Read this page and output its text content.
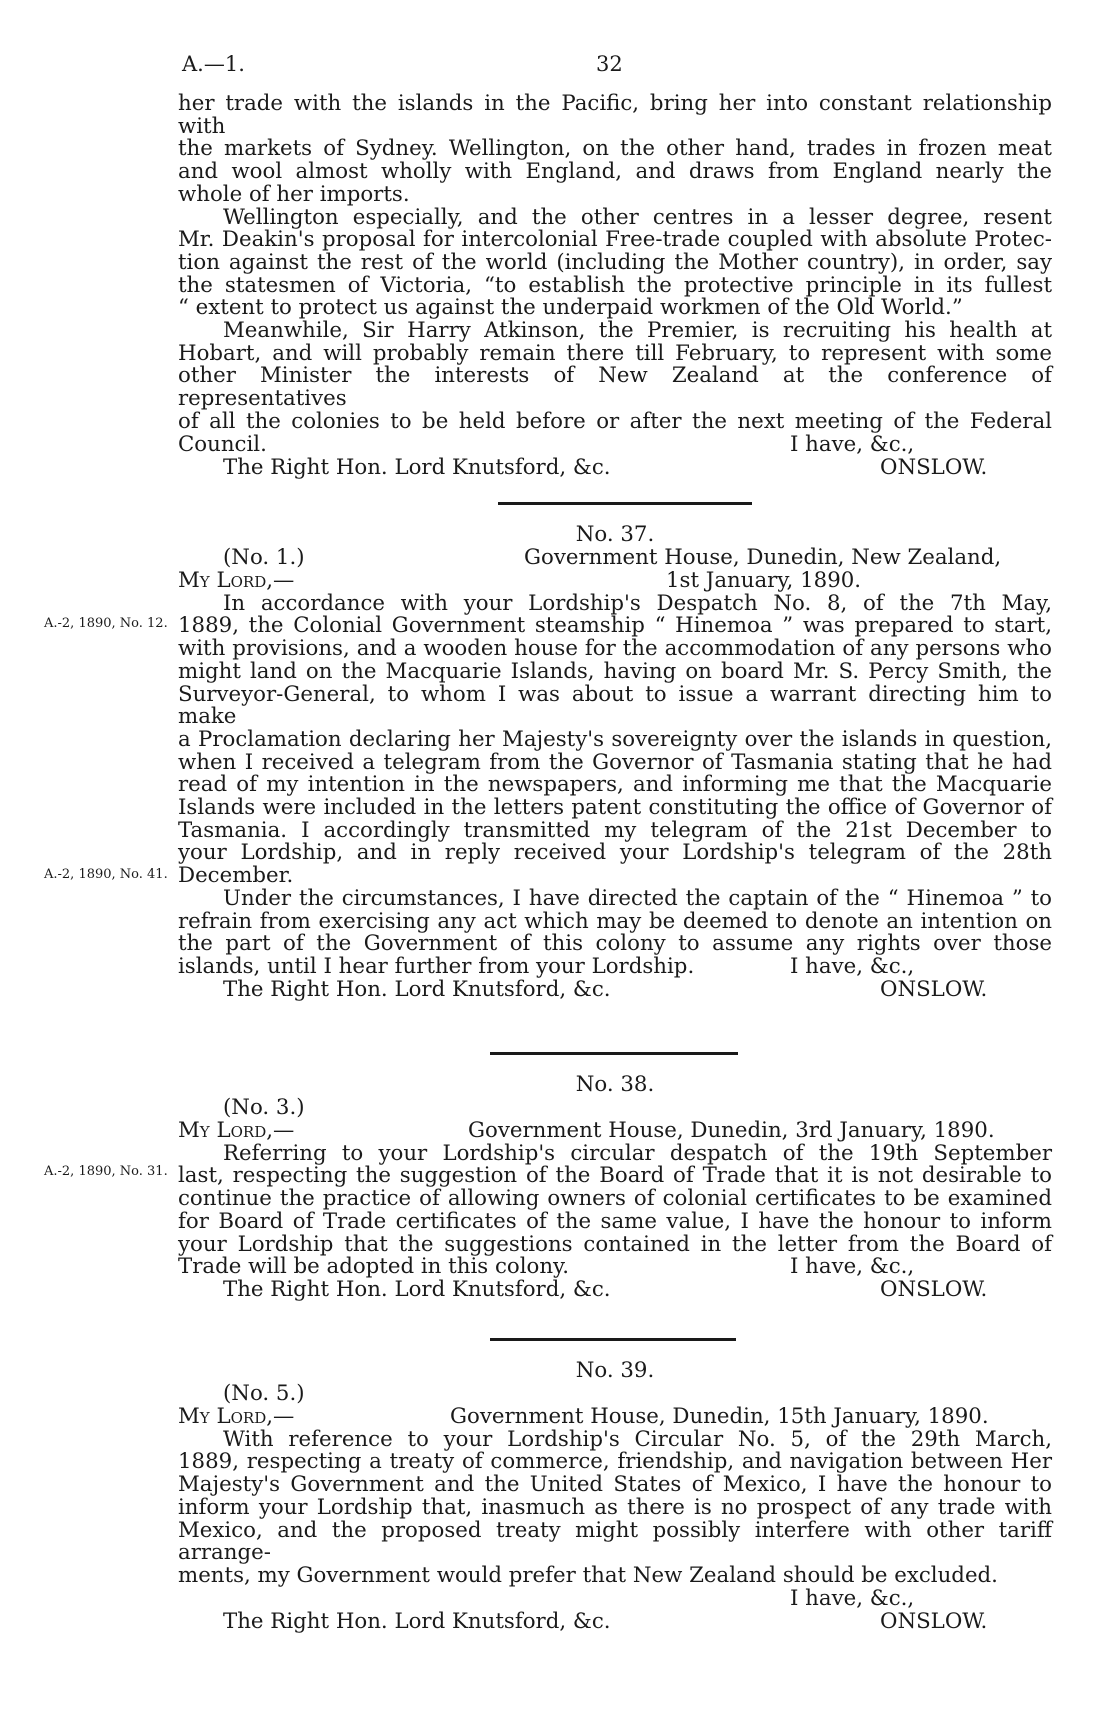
A.—1.	32

her trade with the islands in the Pacific, bring her into constant relationship with

the markets of Sydney. Wellington, on the other hand, trades in frozen meat

and wool almost wholly with England, and draws from England nearly the

whole of her imports.

Wellington especially, and the other centres in a lesser degree, resent

Mr. Deakin's proposal for intercolonial Free-trade coupled with absolute Protec-

tion against the rest of the world (including the Mother country), in order, say

the statesmen of Victoria, “to establish the protective principle in its fullest

“ extent to protect us against the underpaid workmen of the Old World.”

Meanwhile, Sir Harry Atkinson, the Premier, is recruiting his health at

Hobart, and will probably remain there till February, to represent with some

other Minister the interests of New Zealand at the conference of representatives

of all the colonies to be held before or after the next meeting of the Federal

Council.	I have, &c.,
The Right Hon. Lord Knutsford, &c.	ONSLOW.

No. 37.

(No. 1.)	Government House, Dunedin, New Zealand,
My Lord,—	1st January, 1890.

In accordance with your Lordship's Despatch No. 8, of the 7th May,

1889, the Colonial Government steamship “ Hinemoa ” was prepared to start,

with provisions, and a wooden house for the accommodation of any persons who

might land on the Macquarie Islands, having on board Mr. S. Percy Smith, the

Surveyor-General, to whom I was about to issue a warrant directing him to make

a Proclamation declaring her Majesty's sovereignty over the islands in question,

when I received a telegram from the Governor of Tasmania stating that he had

read of my intention in the newspapers, and informing me that the Macquarie

Islands were included in the letters patent constituting the office of Governor of

Tasmania. I accordingly transmitted my telegram of the 21st December to

your Lordship, and in reply received your Lordship's telegram of the 28th

December.

Under the circumstances, I have directed the captain of the “ Hinemoa ” to

refrain from exercising any act which may be deemed to denote an intention on

the part of the Government of this colony to assume any rights over those

islands, until I hear further from your Lordship.	I have, &c.,
The Right Hon. Lord Knutsford, &c.	ONSLOW.
A.-2, 1890, No. 12.
A.-2, 1890, No. 41.

No. 38.

(No. 3.)
My Lord,—	Government House, Dunedin, 3rd January, 1890.

Referring to your Lordship's circular despatch of the 19th September

last, respecting the suggestion of the Board of Trade that it is not desirable to

continue the practice of allowing owners of colonial certificates to be examined

for Board of Trade certificates of the same value, I have the honour to inform

your Lordship that the suggestions contained in the letter from the Board of

Trade will be adopted in this colony.	I have, &c.,
The Right Hon. Lord Knutsford, &c.	ONSLOW.
A.-2, 1890, No. 31.

No. 39.

(No. 5.)
My Lord,—	Government House, Dunedin, 15th January, 1890.

With reference to your Lordship's Circular No. 5, of the 29th March,

1889, respecting a treaty of commerce, friendship, and navigation between Her

Majesty's Government and the United States of Mexico, I have the honour to

inform your Lordship that, inasmuch as there is no prospect of any trade with

Mexico, and the proposed treaty might possibly interfere with other tariff arrange-

ments, my Government would prefer that New Zealand should be excluded.

I have, &c.,
The Right Hon. Lord Knutsford, &c.	ONSLOW.
